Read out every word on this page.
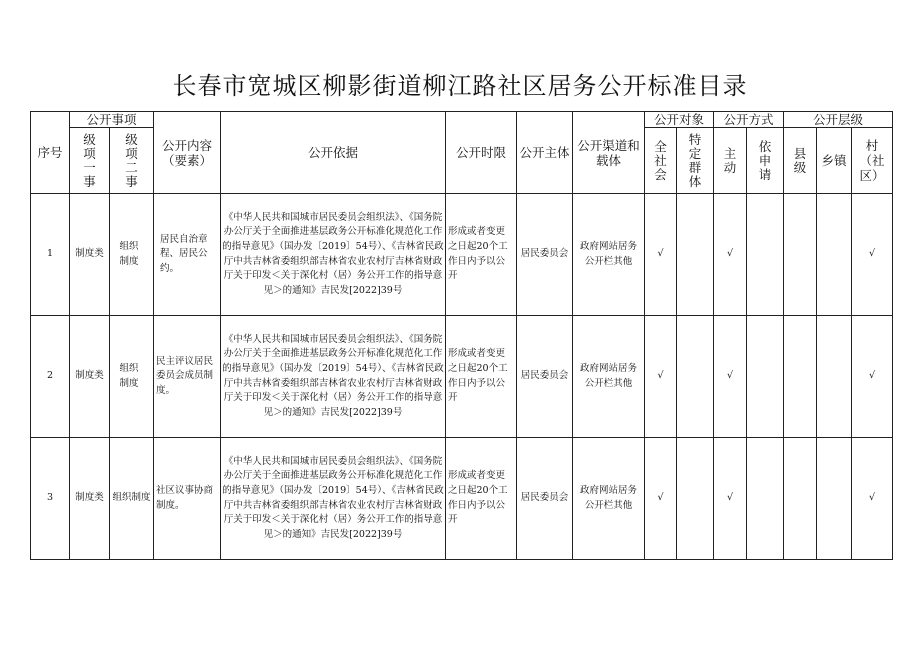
长春市宽城区柳影街道柳江路社区居务公开标准目录
序号	公开事项		公开内容（要素）	公开依据	公开时限	公开主体	公开渠道和载体	公开对象		公开方式		公开层级		

	级项一事	级项二事						全社会	特定群体	主动	依申请	县级	乡镇	村（社区）

1	制度类	组织制度	居民自治章程、居民公约。	《中华人民共和国城市居民委员会组织法》、《国务院办公厅关于全面推进基层政务公开标准化规范化工作的指导意见》（国办发〔2019〕54号）、《吉林省民政厅中共吉林省委组织部吉林省农业农村厅吉林省财政厅关于印发＜关于深化村（居）务公开工作的指导意见＞的通知》吉民发[2022]39号	形成或者变更之日起20个工作日内予以公开	居民委员会	政府网站居务公开栏其他	√		√				√
2	制度类	组织制度	民主评议居民委员会成员制度。	《中华人民共和国城市居民委员会组织法》、《国务院办公厅关于全面推进基层政务公开标准化规范化工作的指导意见》（国办发〔2019〕54号）、《吉林省民政厅中共吉林省委组织部吉林省农业农村厅吉林省财政厅关于印发＜关于深化村（居）务公开工作的指导意见＞的通知》吉民发[2022]39号	形成或者变更之日起20个工作日内予以公开	居民委员会	政府网站居务公开栏其他	√		√				√
3	制度类	组织制度	社区议事协商制度。	《中华人民共和国城市居民委员会组织法》、《国务院办公厅关于全面推进基层政务公开标准化规范化工作的指导意见》（国办发〔2019〕54号）、《吉林省民政厅中共吉林省委组织部吉林省农业农村厅吉林省财政厅关于印发＜关于深化村（居）务公开工作的指导意见＞的通知》吉民发[2022]39号	形成或者变更之日起20个工作日内予以公开	居民委员会	政府网站居务公开栏其他	√		√				√
